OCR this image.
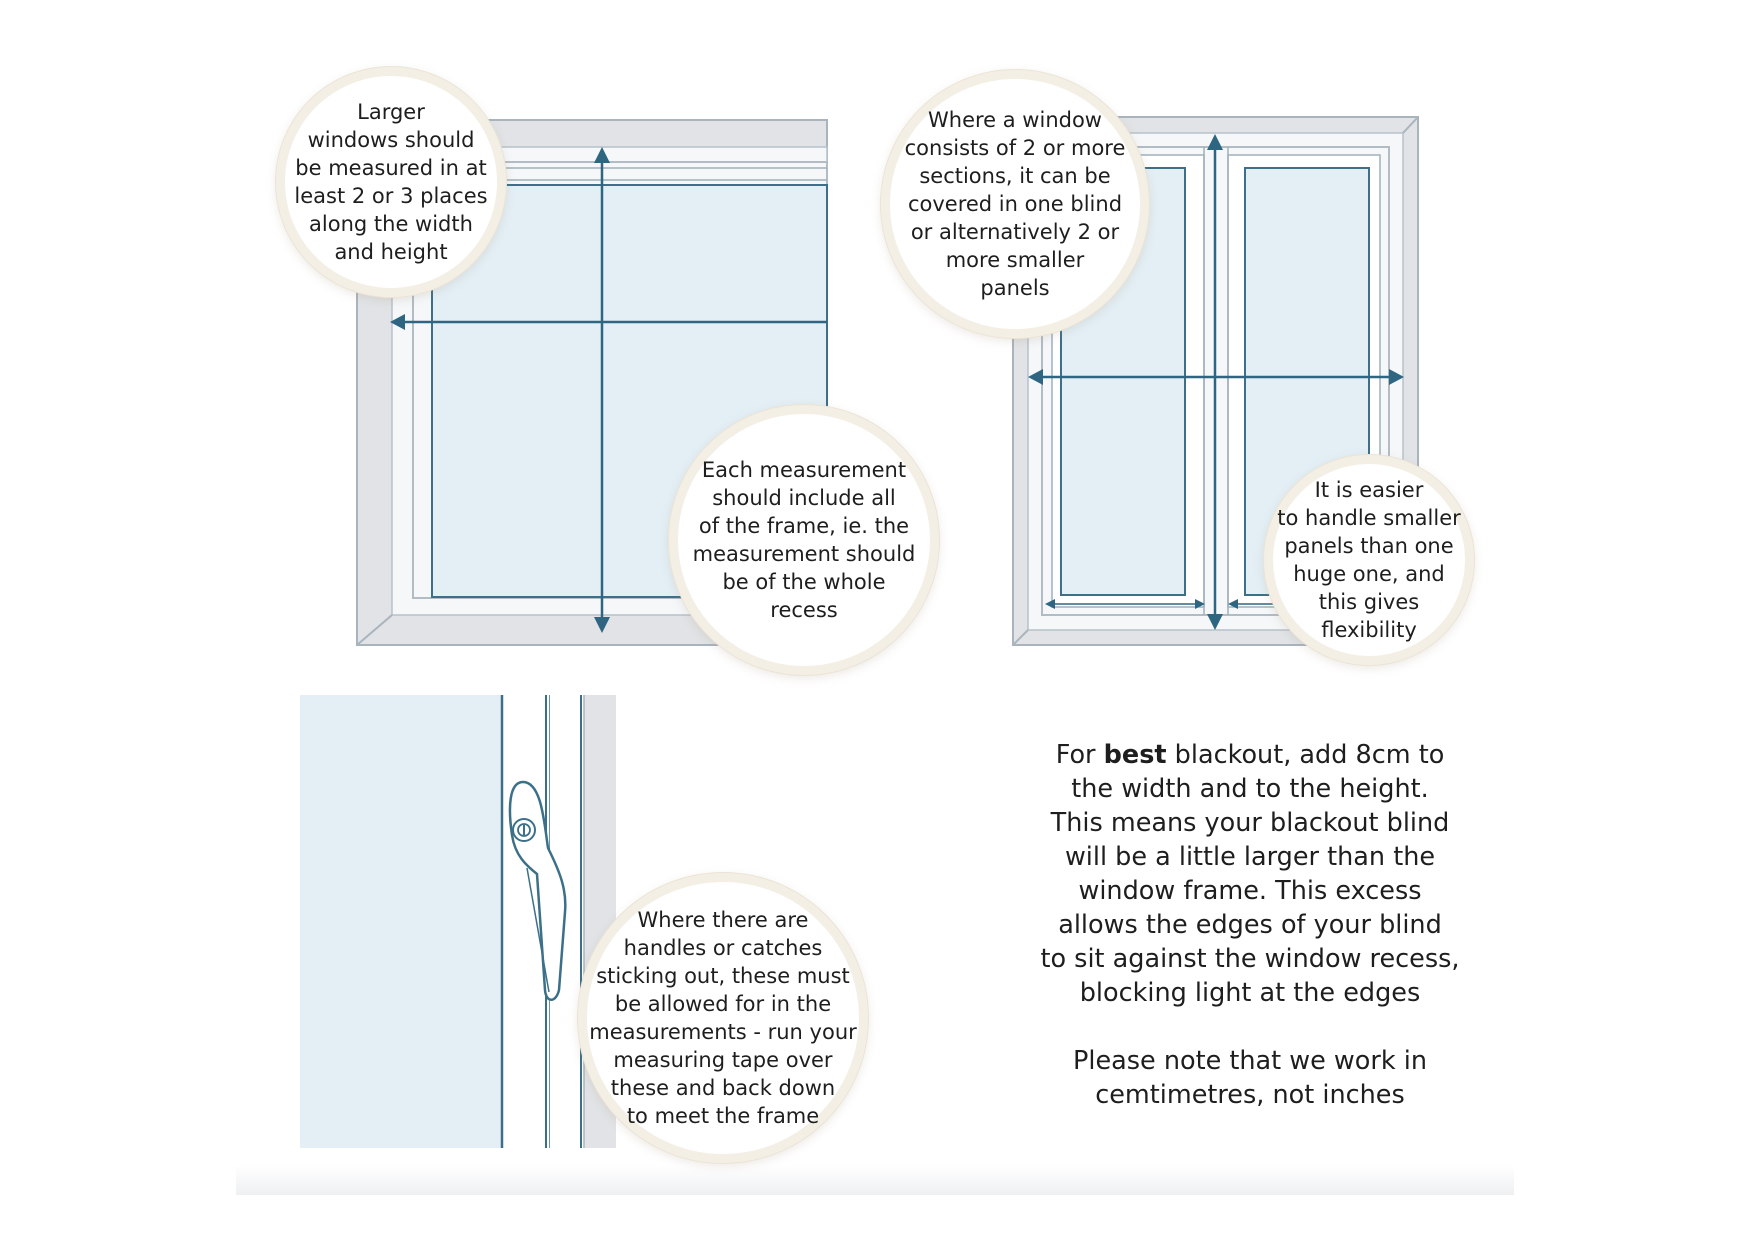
Larger
windows should
be measured in at
least 2 or 3 places
along the width
and height
Each measurement
should include all
of the frame, ie. the
measurement should
be of the whole
recess
Where a window
consists of 2 or more
sections, it can be
covered in one blind
or alternatively 2 or
more smaller
panels
It is easier
to handle smaller
panels than one
huge one, and
this gives
flexibility
Where there are
handles or catches
sticking out, these must
be allowed for in the
measurements - run your
measuring tape over
these and back down
to meet the frame

For best blackout, add 8cm to
the width and to the height.
This means your blackout blind
will be a little larger than the
window frame. This excess
allows the edges of your blind
to sit against the window recess,
blocking light at the edges

Please note that we work in
cemtimetres, not inches
